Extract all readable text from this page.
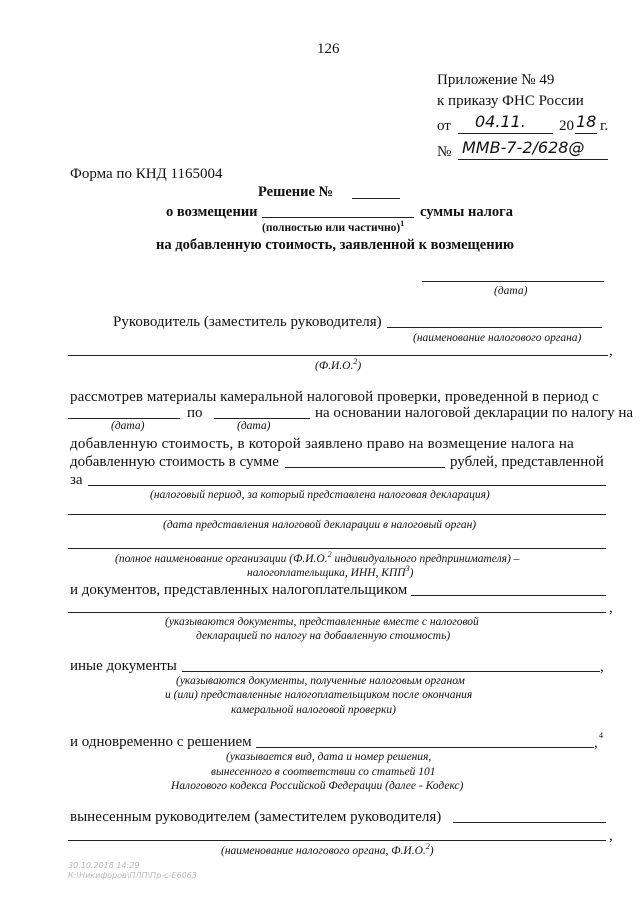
126
Приложение № 49
к приказу ФНС России
от 04.11. 20 18 г.
№ ММВ-7-2/628@
Форма по КНД 1165004
Решение №
о возмещении	суммы налога
(полностью или частично)$^1$
на добавленную стоимость, заявленной к возмещению
(дата)
Руководитель (заместитель руководителя)
(наименование налогового органа)
,
(Ф.И.О.$^2$)
рассмотрев материалы камеральной налоговой проверки, проведенной в период с
по	на основании налоговой декларации по налогу на
(дата)	(дата)
добавленную стоимость, в которой заявлено право на возмещение налога на
добавленную стоимость в сумме	рублей, представленной
за
(налоговый период, за который представлена налоговая декларация)
(дата представления налоговой декларации в налоговый орган)
(полное наименование организации (Ф.И.О.$^2$ индивидуального предпринимателя) –
налогоплательщика, ИНН, КПП$^3$)
и документов, представленных налогоплательщиком
,
(указываются документы, представленные вместе с налоговой
декларацией по налогу на добавленную стоимость)
иные документы	,
(указываются документы, полученные налоговым органом
и (или) представленные налогоплательщиком после окончания
камеральной налоговой проверки)
и одновременно с решением	, 4
(указывается вид, дата и номер решения,
вынесенного в соответствии со статьей 101
Налогового кодекса Российской Федерации (далее - Кодекс)
вынесенным руководителем (заместителем руководителя)
,
(наименование налогового органа, Ф.И.О.$^2$)
30.10.2018 14:29
К:\Никифоров\ПЛП\Пр-с-Е6063
